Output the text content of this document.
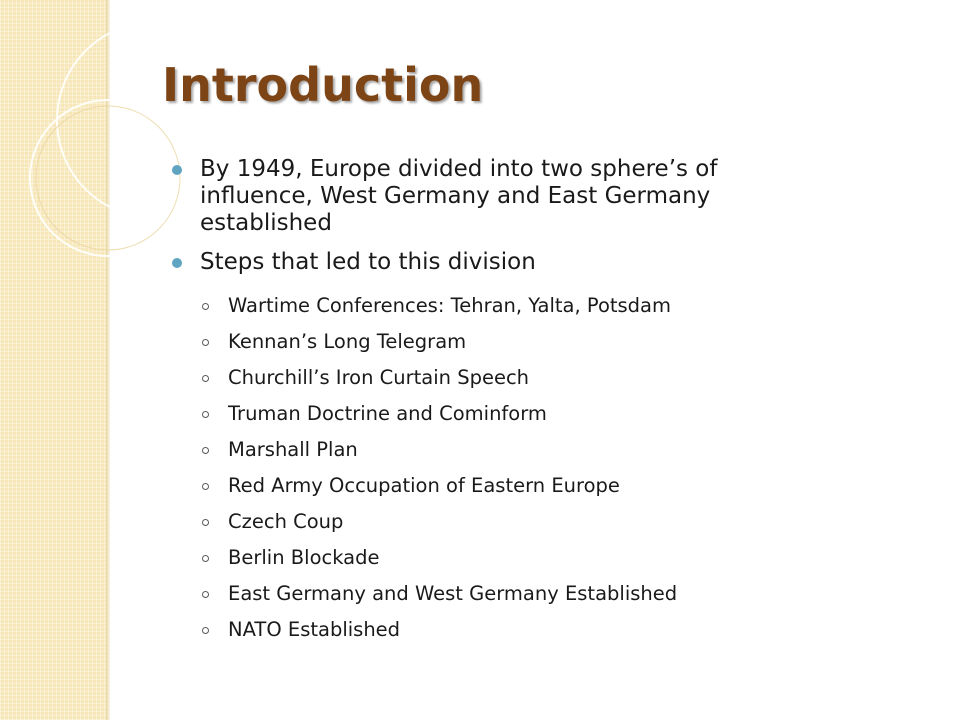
Introduction
By 1949, Europe divided into two sphere’s of influence, West Germany and East Germany established
Steps that led to this division
Wartime Conferences: Tehran, Yalta, Potsdam
Kennan’s Long Telegram
Churchill’s Iron Curtain Speech
Truman Doctrine and Cominform
Marshall Plan
Red Army Occupation of Eastern Europe
Czech Coup
Berlin Blockade
East Germany and West Germany Established
NATO Established
